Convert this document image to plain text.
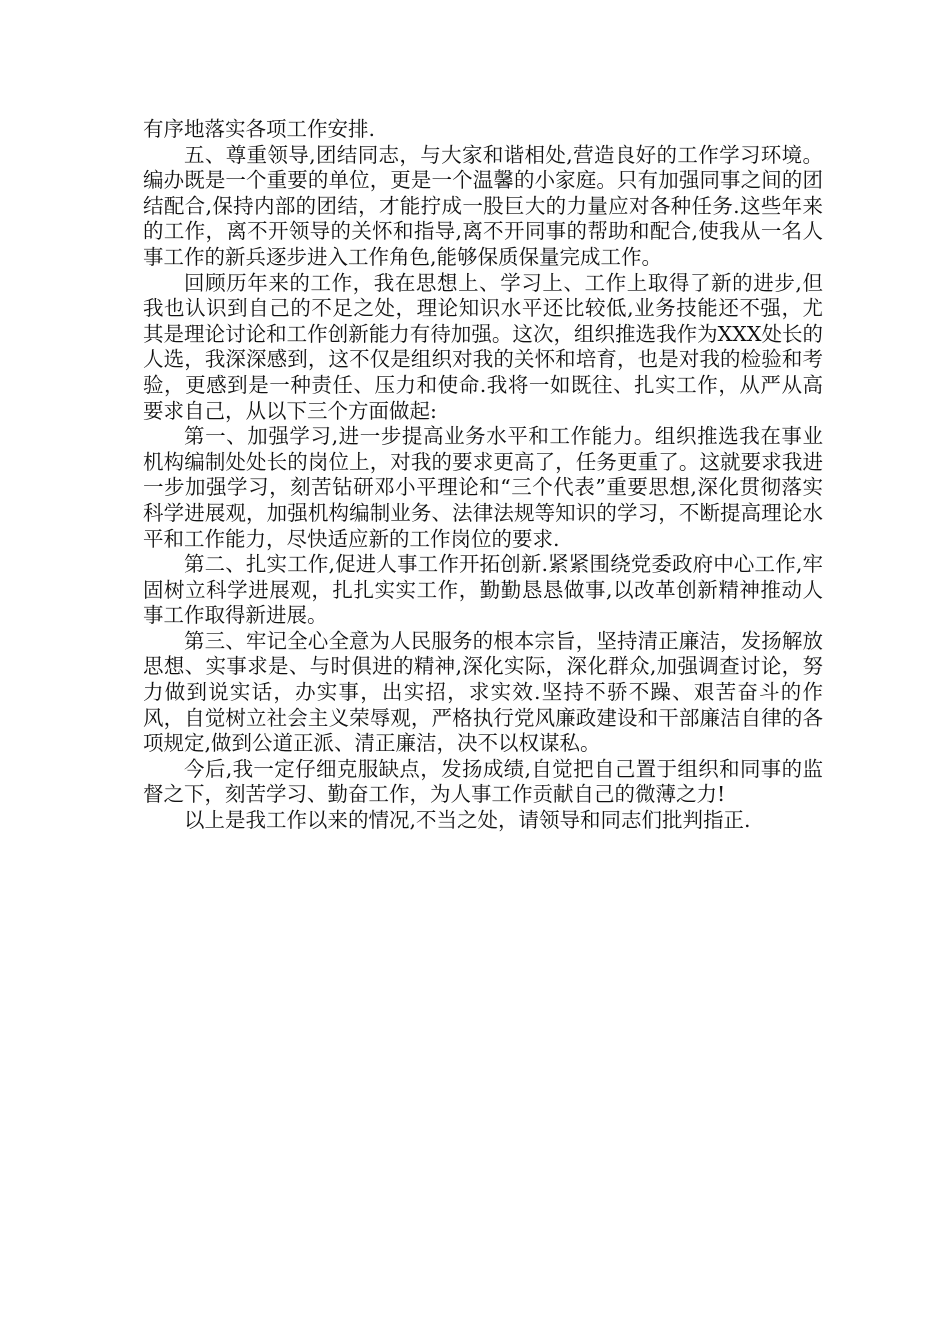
有序地落实各项工作安排.

五、尊重领导,团结同志，与大家和谐相处,营造良好的工作学习环境。编办既是一个重要的单位，更是一个温馨的小家庭。只有加强同事之间的团结配合,保持内部的团结，才能拧成一股巨大的力量应对各种任务.这些年来的工作，离不开领导的关怀和指导,离不开同事的帮助和配合,使我从一名人事工作的新兵逐步进入工作角色,能够保质保量完成工作。

回顾历年来的工作，我在思想上、学习上、工作上取得了新的进步,但我也认识到自己的不足之处，理论知识水平还比较低,业务技能还不强，尤其是理论讨论和工作创新能力有待加强。这次，组织推选我作为XXX处长的人选，我深深感到，这不仅是组织对我的关怀和培育，也是对我的检验和考验，更感到是一种责任、压力和使命.我将一如既往、扎实工作，从严从高要求自己，从以下三个方面做起:

第一、加强学习,进一步提高业务水平和工作能力。组织推选我在事业机构编制处处长的岗位上，对我的要求更高了，任务更重了。这就要求我进一步加强学习，刻苦钻研邓小平理论和“三个代表”重要思想,深化贯彻落实科学进展观，加强机构编制业务、法律法规等知识的学习，不断提高理论水平和工作能力，尽快适应新的工作岗位的要求.

第二、扎实工作,促进人事工作开拓创新.紧紧围绕党委政府中心工作,牢固树立科学进展观，扎扎实实工作，勤勤恳恳做事,以改革创新精神推动人事工作取得新进展。

第三、牢记全心全意为人民服务的根本宗旨，坚持清正廉洁，发扬解放思想、实事求是、与时俱进的精神,深化实际，深化群众,加强调查讨论，努力做到说实话，办实事，出实招，求实效.坚持不骄不躁、艰苦奋斗的作风，自觉树立社会主义荣辱观，严格执行党风廉政建设和干部廉洁自律的各项规定,做到公道正派、清正廉洁，决不以权谋私。

今后,我一定仔细克服缺点，发扬成绩,自觉把自己置于组织和同事的监督之下，刻苦学习、勤奋工作，为人事工作贡献自己的微薄之力!

以上是我工作以来的情况,不当之处，请领导和同志们批判指正.
